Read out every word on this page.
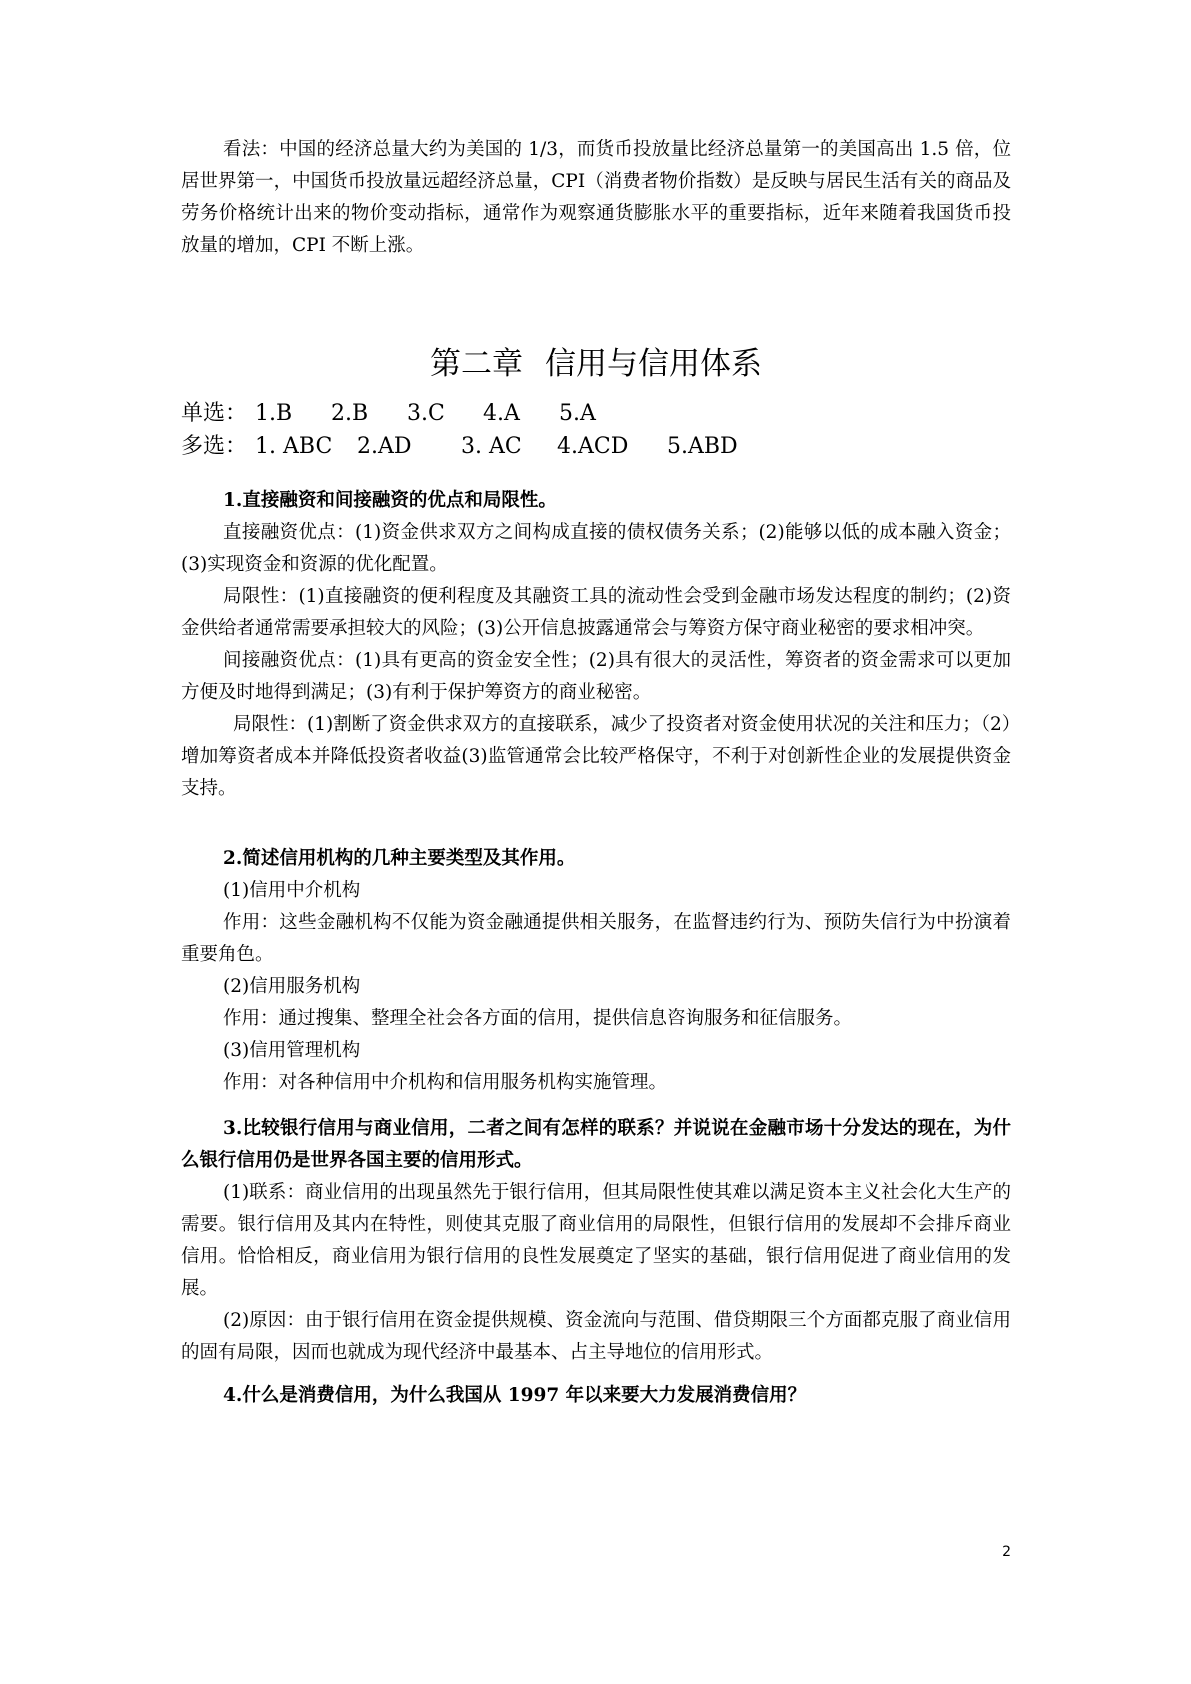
看法：中国的经济总量大约为美国的 1/3，而货币投放量比经济总量第一的美国高出 1.5 倍，位居世界第一，中国货币投放量远超经济总量，CPI（消费者物价指数）是反映与居民生活有关的商品及劳务价格统计出来的物价变动指标，通常作为观察通货膨胀水平的重要指标，近年来随着我国货币投放量的增加，CPI 不断上涨。

第二章 信用与信用体系

单选： 1.B	2.B	3.C	4.A	5.A
多选： 1. ABC	2.AD	3. AC	4.ACD	5.ABD

1.直接融资和间接融资的优点和局限性。

直接融资优点：(1)资金供求双方之间构成直接的债权债务关系；(2)能够以低的成本融入资金；(3)实现资金和资源的优化配置。

局限性：(1)直接融资的便利程度及其融资工具的流动性会受到金融市场发达程度的制约；(2)资金供给者通常需要承担较大的风险；(3)公开信息披露通常会与筹资方保守商业秘密的要求相冲突。

间接融资优点：(1)具有更高的资金安全性；(2)具有很大的灵活性，筹资者的资金需求可以更加方便及时地得到满足；(3)有利于保护筹资方的商业秘密。

局限性：(1)割断了资金供求双方的直接联系，减少了投资者对资金使用状况的关注和压力；（2）增加筹资者成本并降低投资者收益(3)监管通常会比较严格保守，不利于对创新性企业的发展提供资金支持。

2.简述信用机构的几种主要类型及其作用。

(1)信用中介机构

作用：这些金融机构不仅能为资金融通提供相关服务，在监督违约行为、预防失信行为中扮演着重要角色。

(2)信用服务机构

作用：通过搜集、整理全社会各方面的信用，提供信息咨询服务和征信服务。

(3)信用管理机构

作用：对各种信用中介机构和信用服务机构实施管理。

3.比较银行信用与商业信用，二者之间有怎样的联系？并说说在金融市场十分发达的现在，为什么银行信用仍是世界各国主要的信用形式。

(1)联系：商业信用的出现虽然先于银行信用，但其局限性使其难以满足资本主义社会化大生产的需要。银行信用及其内在特性，则使其克服了商业信用的局限性，但银行信用的发展却不会排斥商业信用。恰恰相反，商业信用为银行信用的良性发展奠定了坚实的基础，银行信用促进了商业信用的发展。

(2)原因：由于银行信用在资金提供规模、资金流向与范围、借贷期限三个方面都克服了商业信用的固有局限，因而也就成为现代经济中最基本、占主导地位的信用形式。

4.什么是消费信用，为什么我国从 1997 年以来要大力发展消费信用？

2
